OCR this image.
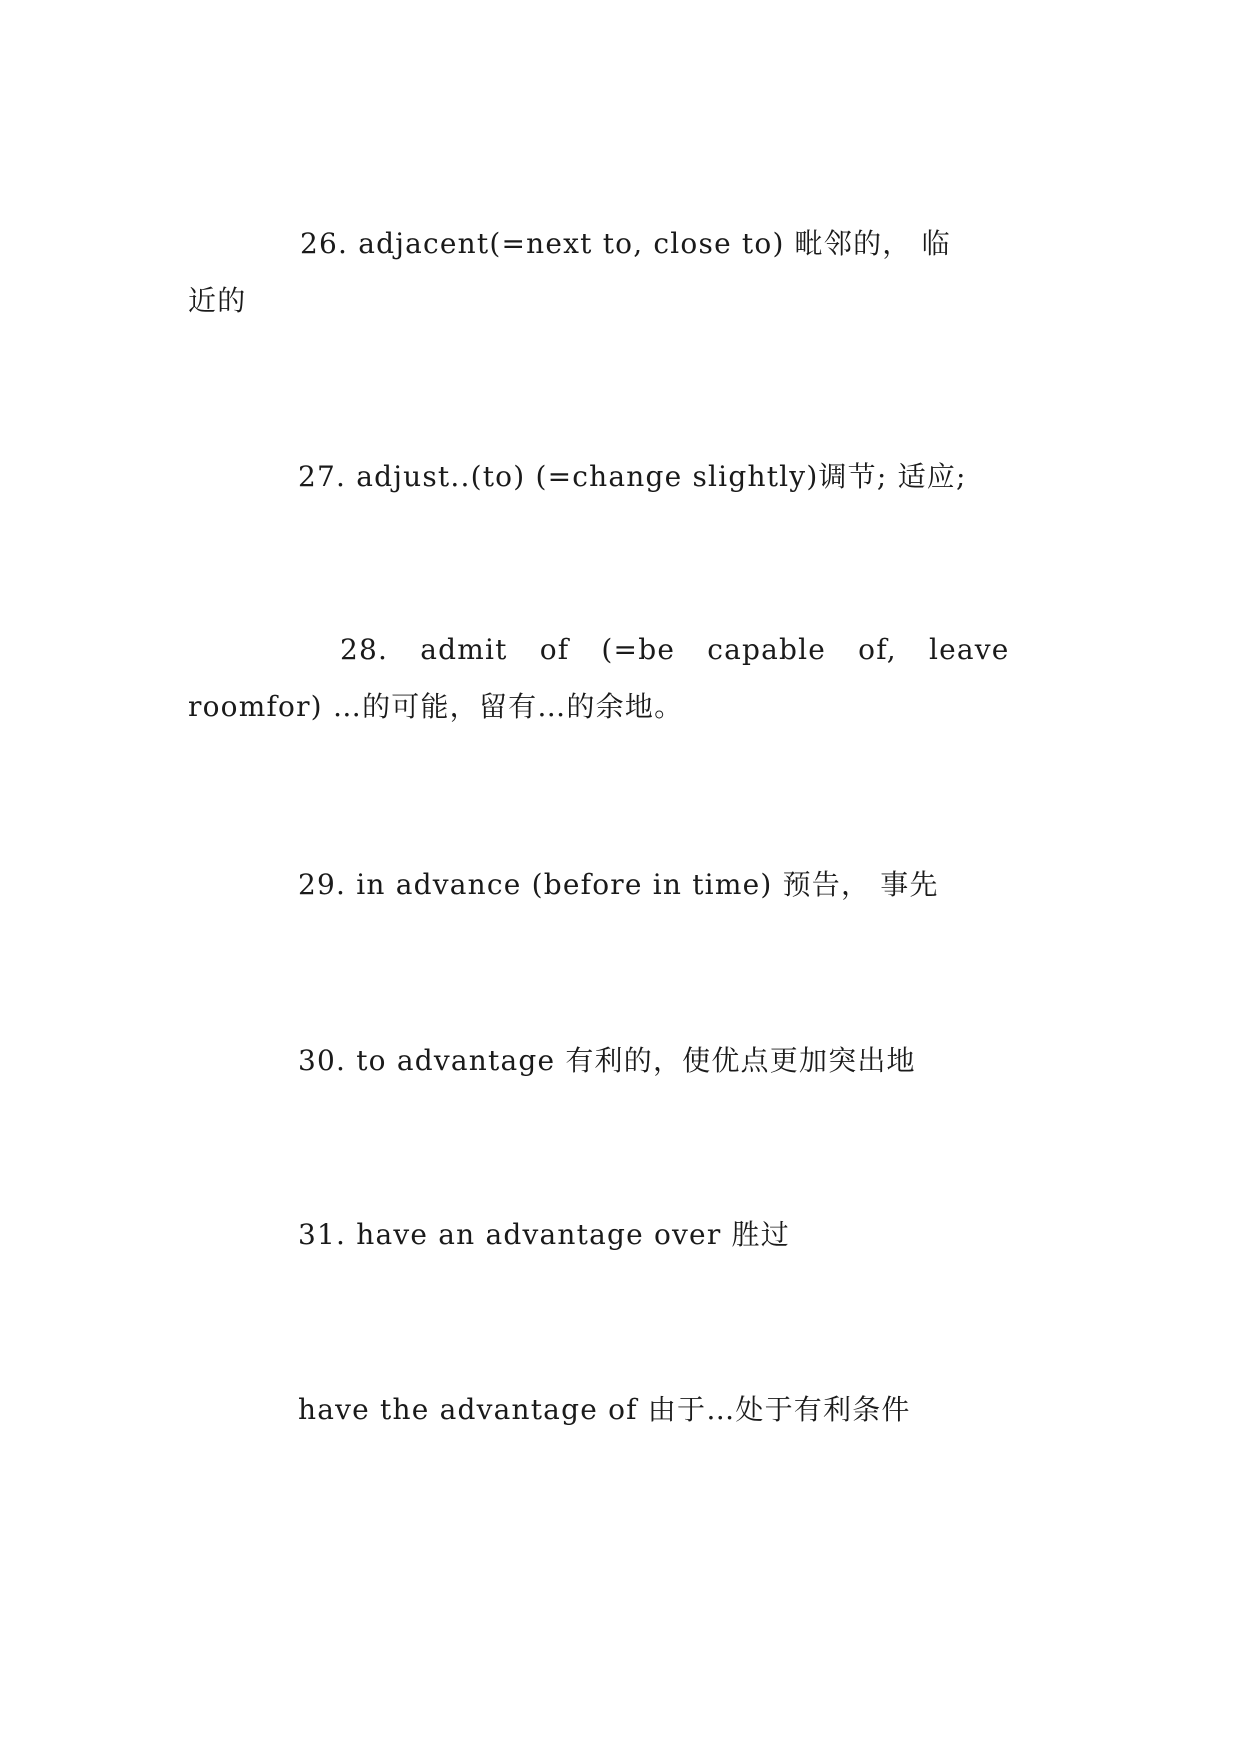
26. adjacent(=next to, close to) 毗邻的， 临

近的

27. adjust..(to) (=change slightly)调节; 适应;

28. admit of (=be capable of, leave

roomfor) …的可能，留有…的余地。

29. in advance (before in time) 预告， 事先

30. to advantage 有利的，使优点更加突出地

31. have an advantage over 胜过

have the advantage of 由于…处于有利条件
